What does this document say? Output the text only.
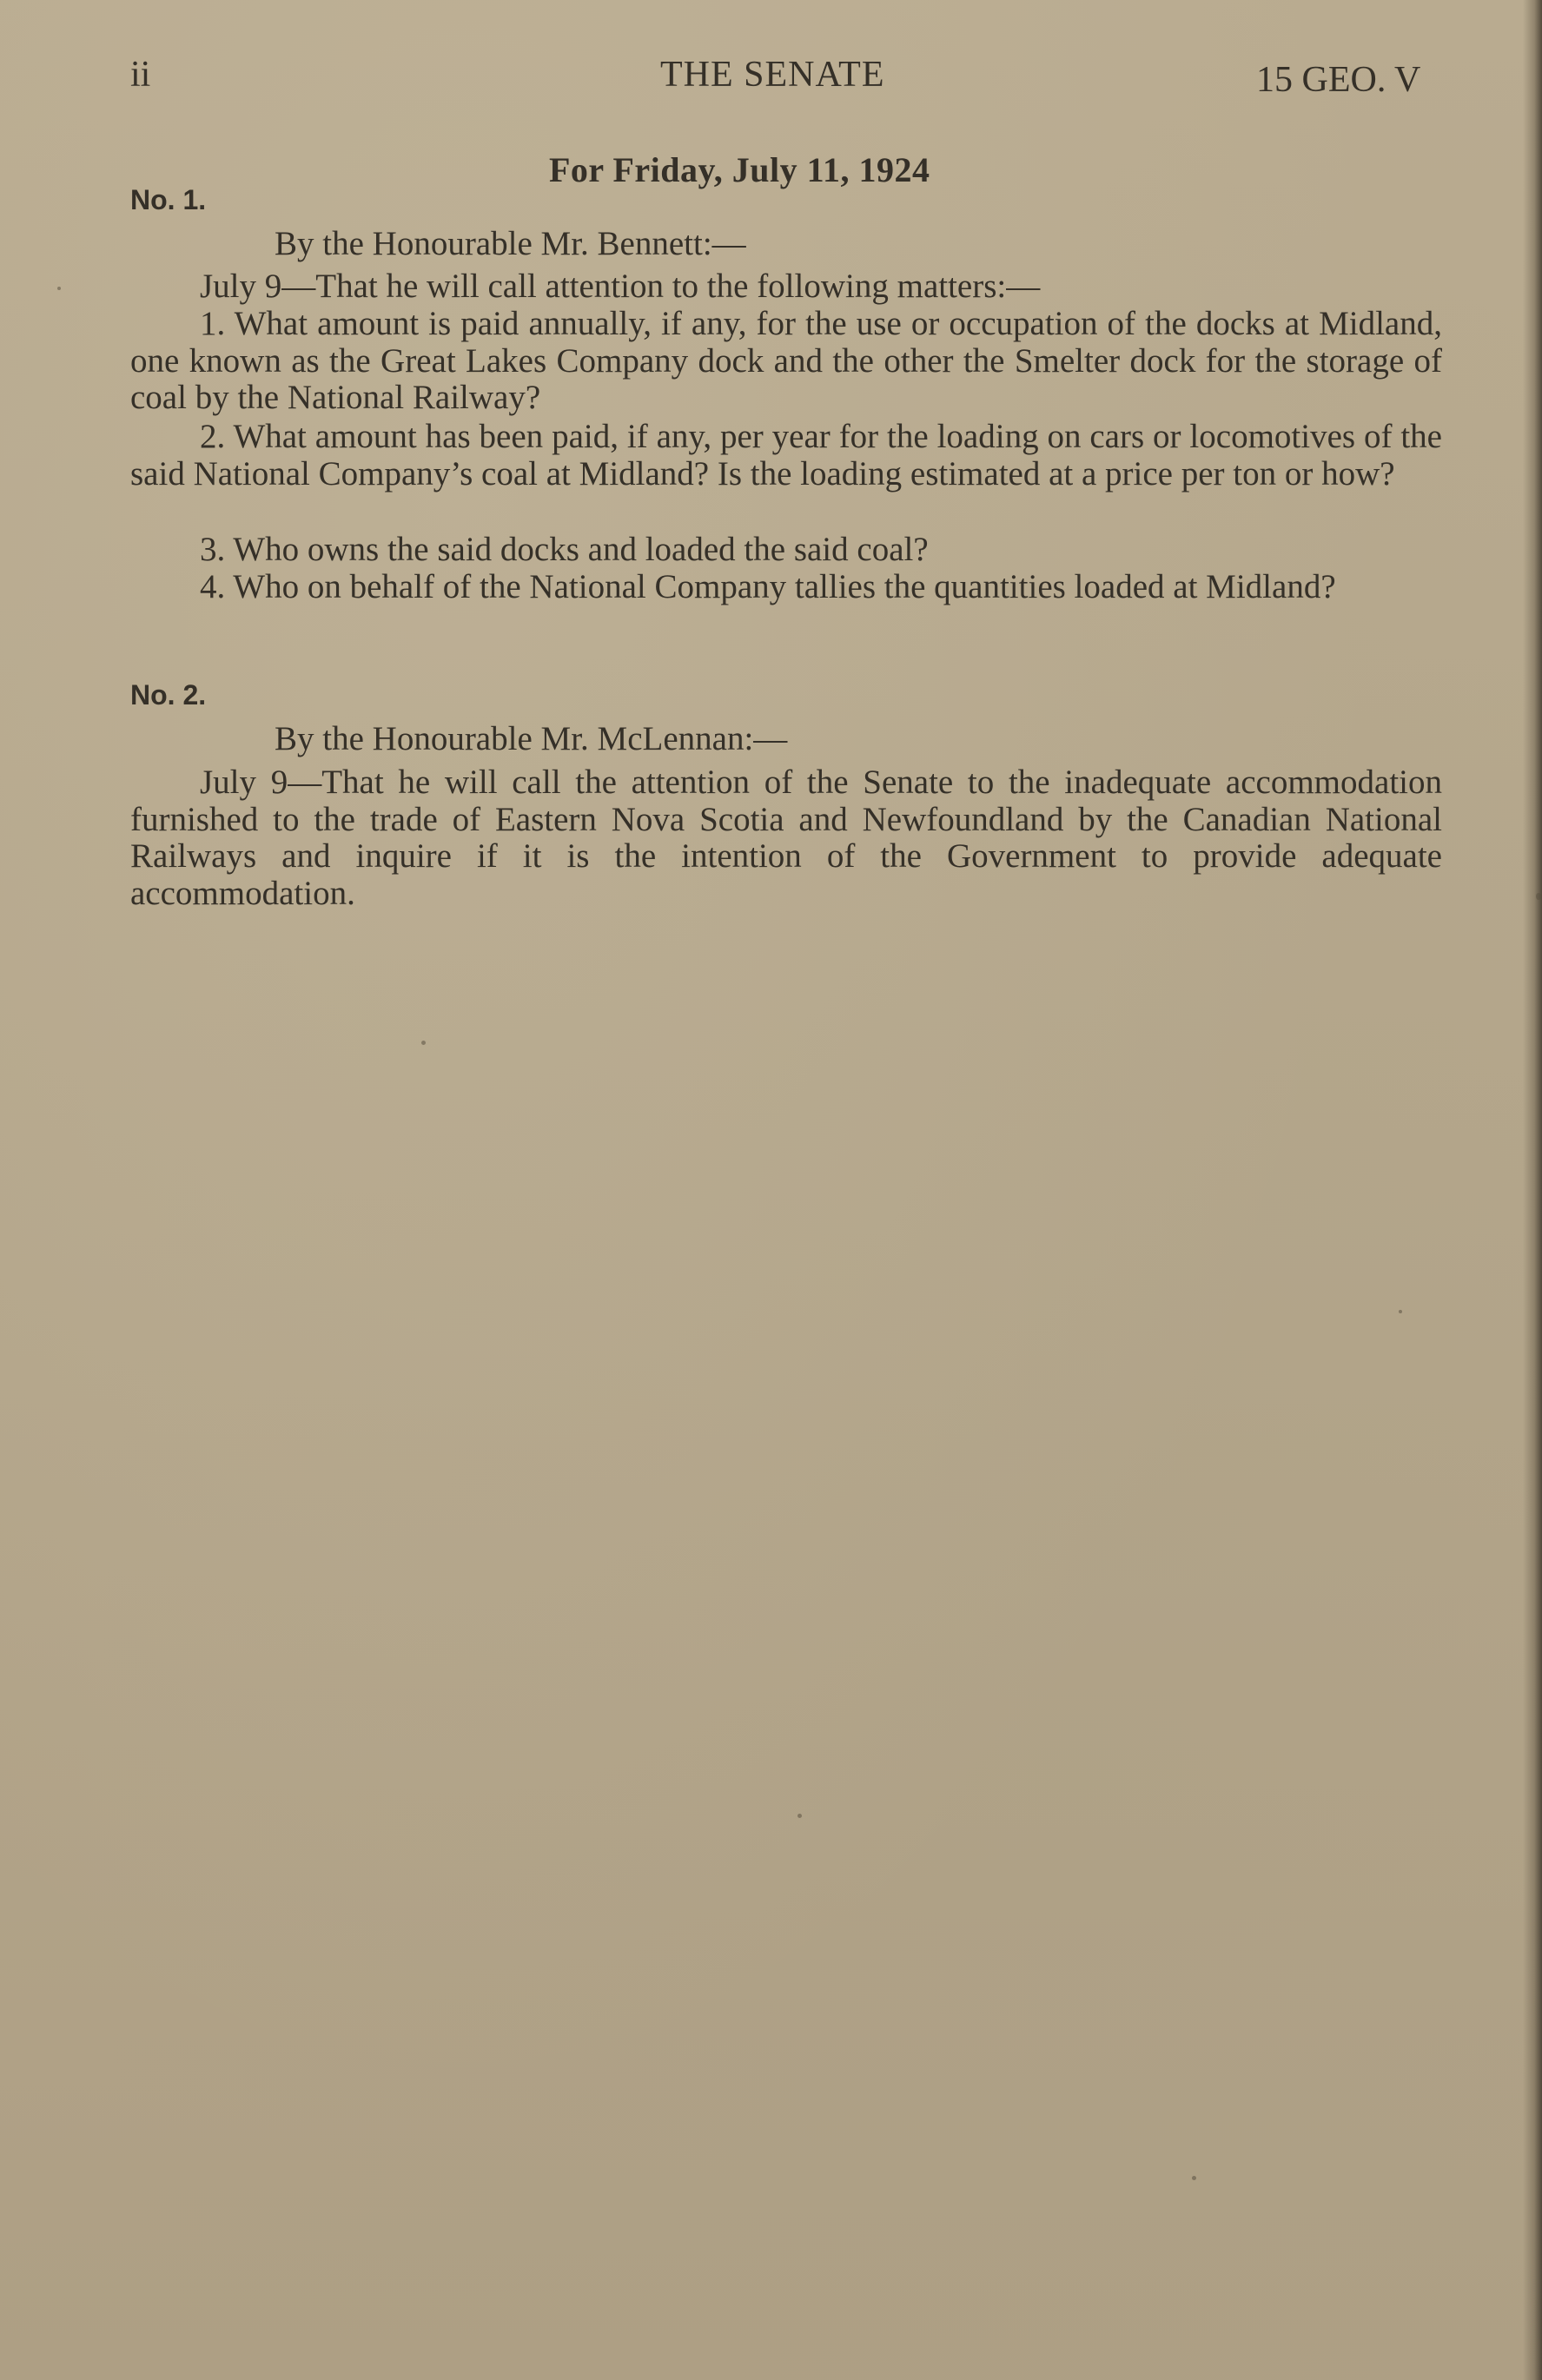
ii	THE SENATE	15 GEO. V
For Friday, July 11, 1924
No. 1.
By the Honourable Mr. Bennett:—

July 9—That he will call attention to the following matters:—

1. What amount is paid annually, if any, for the use or occupation of the docks at Midland, one known as the Great Lakes Company dock and the other the Smelter dock for the storage of coal by the National Railway?

2. What amount has been paid, if any, per year for the loading on cars or locomotives of the said National Company’s coal at Midland? Is the loading estimated at a price per ton or how?

3. Who owns the said docks and loaded the said coal?

4. Who on behalf of the National Company tallies the quantities loaded at Midland?

No. 2.
By the Honourable Mr. McLennan:—

July 9—That he will call the attention of the Senate to the inadequate accommodation furnished to the trade of Eastern Nova Scotia and Newfoundland by the Canadian National Railways and inquire if it is the intention of the Government to provide adequate accommodation.
